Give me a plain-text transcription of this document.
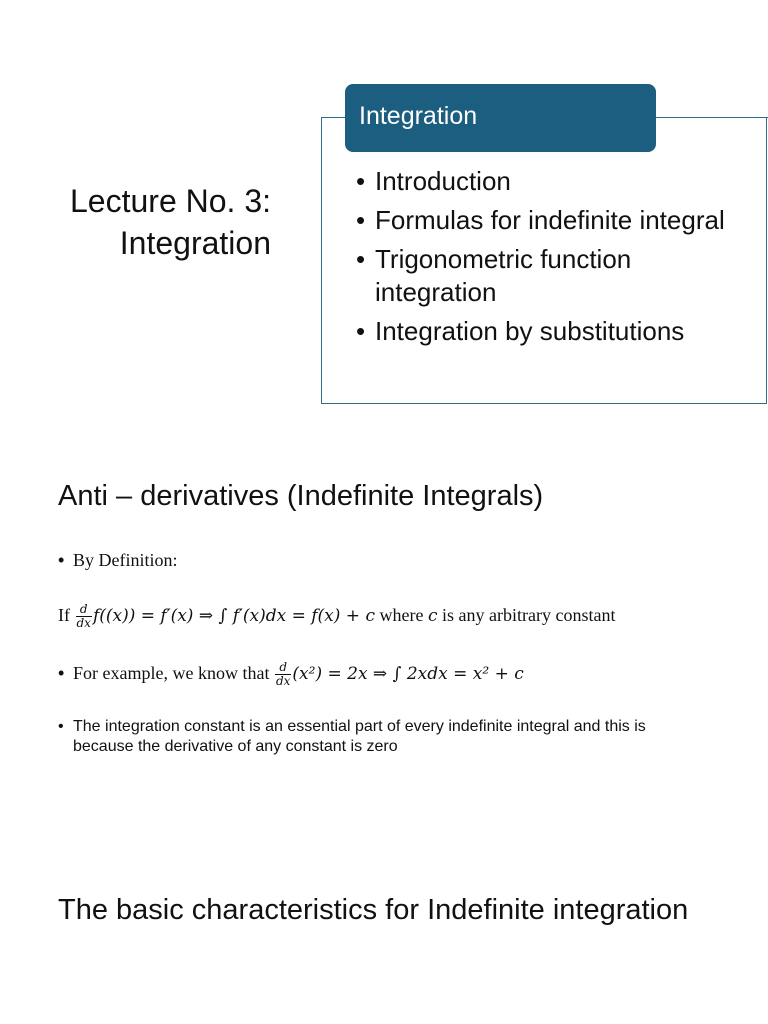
Lecture No. 3:
Integration
Integration
• Introduction
• Formulas for indefinite integral
• Trigonometric function integration
• Integration by substitutions
Anti – derivatives (Indefinite Integrals)
• By Definition:
If $\frac{d}{dx} f((x)) = f'(x)$ ⇒ ∫ f′(x)dx = f(x) + c where c is any arbitrary constant
• For example, we know that $\frac{d}{dx} (x^2) = 2x$ ⇒ ∫ 2xdx = x² + c
• The integration constant is an essential part of every indefinite integral and this is because the derivative of any constant is zero
The basic characteristics for Indefinite integration
